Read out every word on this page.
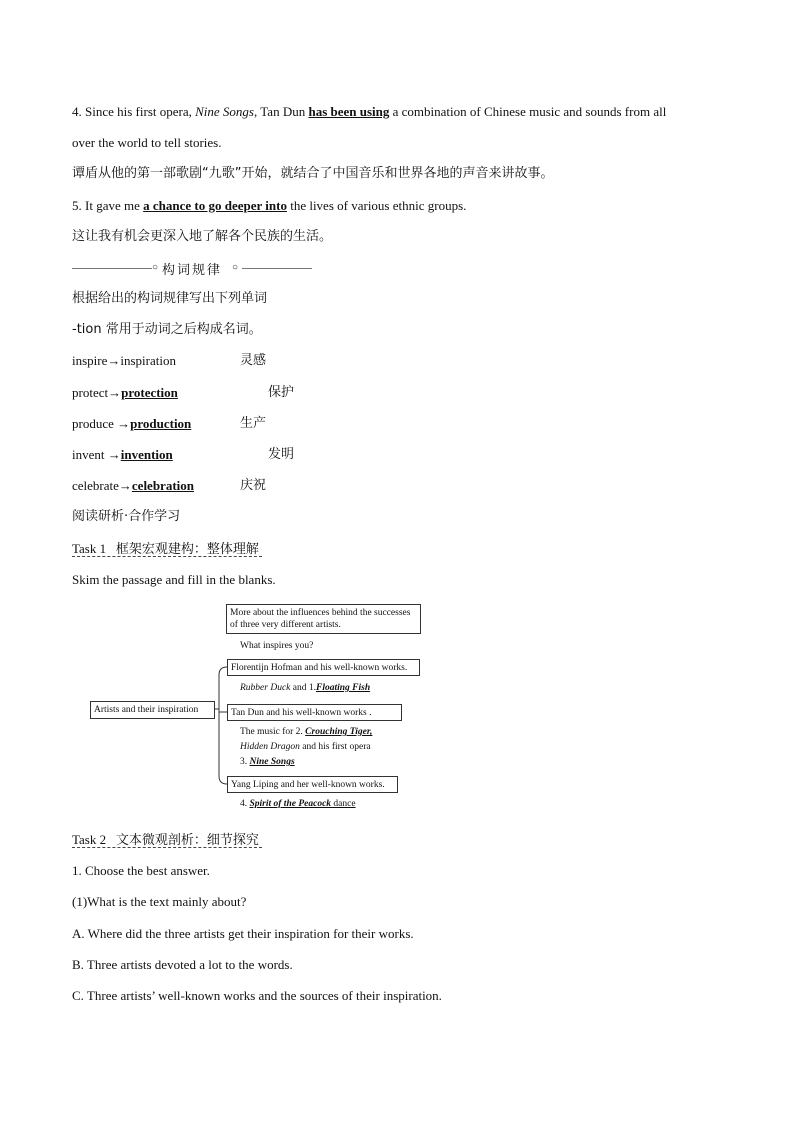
4. Since his first opera, Nine Songs, Tan Dun has been using a combination of Chinese music and sounds from all
over the world to tell stories.
谭盾从他的第一部歌剧“九歌”开始，就结合了中国音乐和世界各地的声音来讲故事。
5. It gave me a chance to go deeper into the lives of various ethnic groups.
这让我有机会更深入地了解各个民族的生活。
○ 构词规律 ○
根据给出的构词规律写出下列单词
-tion 常用于动词之后构成名词。
inspire→inspiration	灵感
protect→protection	保护
produce →production	生产
invent →invention	发明
celebrate→celebration	庆祝
阅读研析·合作学习
Task 1 框架宏观建构：整体理解
Skim the passage and fill in the blanks.
More about the influences behind the successes
of three very different artists.
What inspires you?
Artists and their inspiration
Florentijn Hofman and his well-known works.
Rubber Duck and 1.Floating Fish
Tan Dun and his well-known works .
The music for 2. Crouching Tiger,
Hidden Dragon and his first opera
3. Nine Songs
Yang Liping and her well-known works.
4. Spirit of the Peacock dance
Task 2 文本微观剖析：细节探究
1. Choose the best answer.
(1)What is the text mainly about?
A. Where did the three artists get their inspiration for their works.
B. Three artists devoted a lot to the words.
C. Three artists’ well-known works and the sources of their inspiration.
